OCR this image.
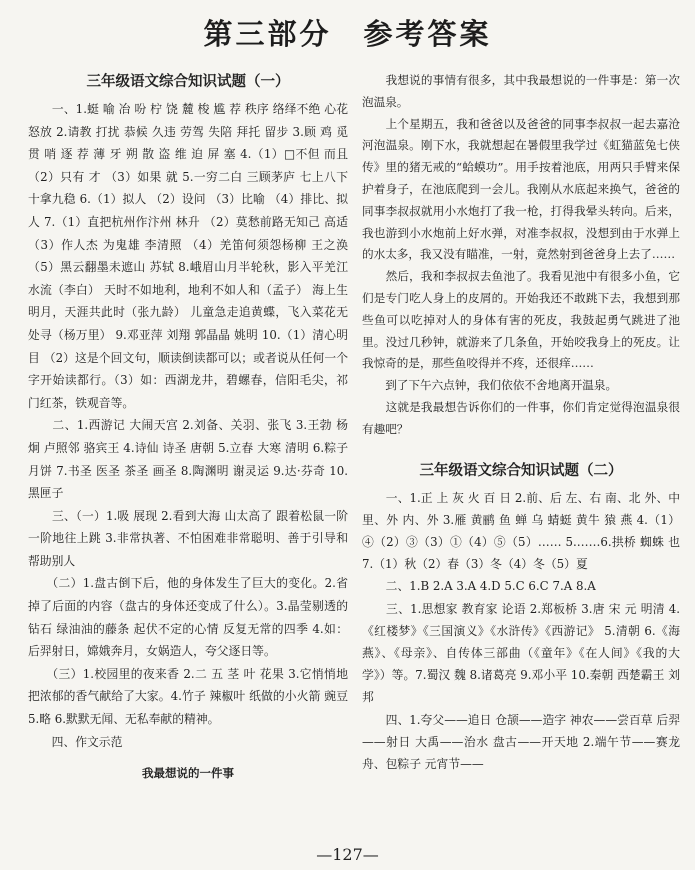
第三部分　参考答案
三年级语文综合知识试题（一）

　　一、1.蜓 喻 冶 吩 柠 饶 麓 梭 尴 荐 秩序 络绎不绝 心花怒放 2.请教 打扰 恭候 久违 劳驾 失陪 拜托 留步 3.顾 鸡 觅 贯 哨 逐 荐 薄 牙 朔 散 盗 维 迫 屏 塞 4.（1）□不但 而且 （2）只有 才 （3）如果 就 5.一穷二白 三顾茅庐 七上八下 十拿九稳 6.（1）拟人 （2）设问 （3）比喻 （4）排比、拟人 7.（1）直把杭州作汴州 林升 （2）莫愁前路无知己 高适 （3）作人杰 为鬼雄 李清照 （4）羌笛何须怨杨柳 王之涣 （5）黑云翻墨未遮山 苏轼 8.峨眉山月半轮秋，影入平羌江水流（李白） 天时不如地利，地利不如人和（孟子） 海上生明月，天涯共此时（张九龄） 儿童急走追黄蝶，飞入菜花无处寻（杨万里） 9.邓亚萍 刘翔 郭晶晶 姚明 10.（1）清心明目 （2）这是个回文句，顺读倒读都可以；或者说从任何一个字开始读都行。（3）如：西湖龙井，碧螺春，信阳毛尖，祁门红茶，铁观音等。

　　二、1.西游记 大闹天宫 2.刘备、关羽、张飞 3.王勃 杨炯 卢照邻 骆宾王 4.诗仙 诗圣 唐朝 5.立春 大寒 清明 6.粽子 月饼 7.书圣 医圣 茶圣 画圣 8.陶渊明 谢灵运 9.达·芬奇 10.黑匣子

　　三、（一）1.吸 展现 2.看到大海 山太高了 跟着松鼠一阶一阶地往上跳 3.非常执著、不怕困难非常聪明、善于引导和帮助别人

　　（二）1.盘古倒下后，他的身体发生了巨大的变化。2.省掉了后面的内容（盘古的身体还变成了什么）。3.晶莹剔透的钻石 绿油油的藤条 起伏不定的心情 反复无常的四季 4.如：后羿射日，嫦娥奔月，女娲造人，夸父逐日等。

　　（三）1.校园里的夜来香 2.二 五 茎 叶 花果 3.它悄悄地把浓郁的香气献给了大家。4.竹子 辣椒叶 纸做的小火箭 豌豆 5.略 6.默默无闻、无私奉献的精神。

　　四、作文示范

我最想说的一件事

　　我想说的事情有很多，其中我最想说的一件事是：第一次泡温泉。

　　上个星期五，我和爸爸以及爸爸的同事李叔叔一起去嘉沧河泡温泉。刚下水，我就想起在暑假里我学过《虹猫蓝兔七侠传》里的猪无戒的“蛤蟆功”。用手按着池底，用两只手臂来保护着身子，在池底爬到一会儿。我刚从水底起来换气，爸爸的同事李叔叔就用小水炮打了我一枪，打得我晕头转向。后来，我也游到小水炮前上好水弹，对准李叔叔，没想到由于水弹上的水太多，我又没有瞄准，一射，竟然射到爸爸身上去了……

　　然后，我和李叔叔去鱼池了。我看见池中有很多小鱼，它们是专门吃人身上的皮屑的。开始我还不敢跳下去，我想到那些鱼可以吃掉对人的身体有害的死皮，我鼓起勇气跳进了池里。没过几秒钟，就游来了几条鱼，开始咬我身上的死皮。让我惊奇的是，那些鱼咬得并不疼，还很痒……

　　到了下午六点钟，我们依依不舍地离开温泉。

　　这就是我最想告诉你们的一件事，你们肯定觉得泡温泉很有趣吧？

三年级语文综合知识试题（二）

　　一、1.正 上 灰 火 百 日 2.前、后 左、右 南、北 外、中 里、外 内、外 3.雁 黄鹂 鱼 蝉 乌 蜻蜓 黄牛 猿 燕 4.（1）④（2）③（3）①（4）⑤（5）…… 5.……6.拱桥 蜘蛛 也 7.（1）秋（2）春（3）冬（4）冬（5）夏

　　二、1.B 2.A 3.A 4.D 5.C 6.C 7.A 8.A

　　三、1.思想家 教育家 论语 2.郑板桥 3.唐 宋 元 明清 4.《红楼梦》《三国演义》《水浒传》《西游记》 5.清朝 6.《海燕》、《母亲》、自传体三部曲（《童年》《在人间》《我的大学》）等。7.蜀汉 魏 8.诸葛亮 9.邓小平 10.秦朝 西楚霸王 刘邦

　　四、1.夸父——追日 仓颉——造字 神农——尝百草 后羿——射日 大禹——治水 盘古——开天地 2.端午节——赛龙舟、包粽子 元宵节——

—127—
